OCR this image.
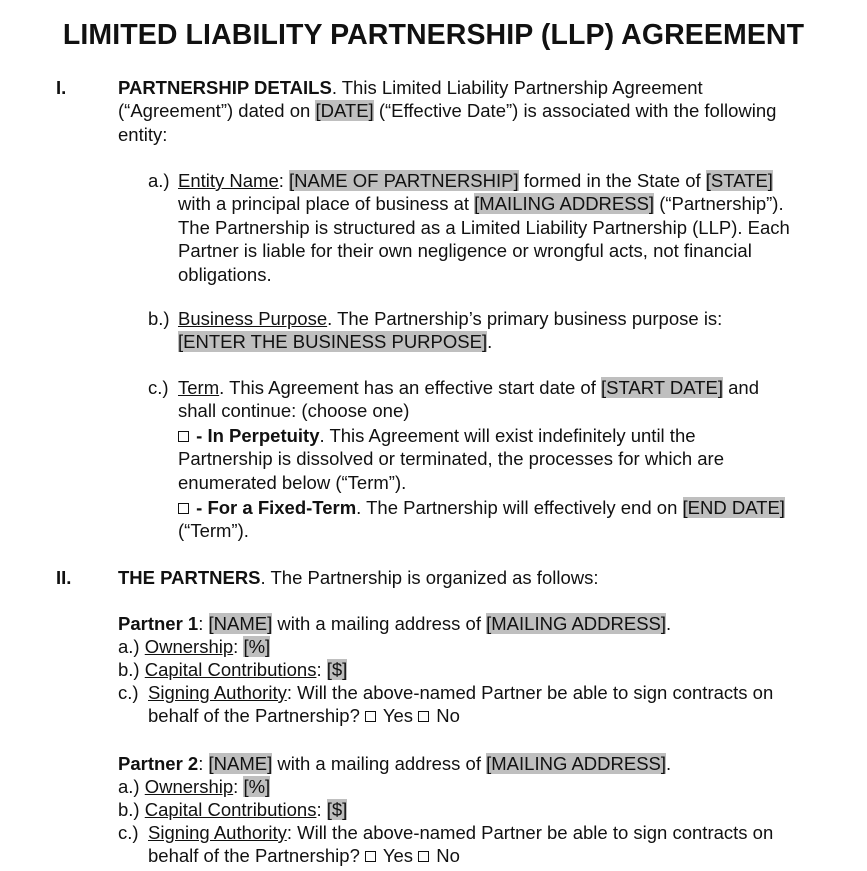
LIMITED LIABILITY PARTNERSHIP (LLP) AGREEMENT
I.	PARTNERSHIP DETAILS. This Limited Liability Partnership Agreement (“Agreement”) dated on [DATE] (“Effective Date”) is associated with the following entity:
a.) Entity Name: [NAME OF PARTNERSHIP] formed in the State of [STATE] with a principal place of business at [MAILING ADDRESS] (“Partnership”). The Partnership is structured as a Limited Liability Partnership (LLP). Each Partner is liable for their own negligence or wrongful acts, not financial obligations.
b.) Business Purpose. The Partnership’s primary business purpose is: [ENTER THE BUSINESS PURPOSE].
c.) Term. This Agreement has an effective start date of [START DATE] and shall continue: (choose one)
- In Perpetuity. This Agreement will exist indefinitely until the Partnership is dissolved or terminated, the processes for which are enumerated below (“Term”).
- For a Fixed-Term. The Partnership will effectively end on [END DATE] (“Term”).
II.	THE PARTNERS. The Partnership is organized as follows:
Partner 1: [NAME] with a mailing address of [MAILING ADDRESS].
a.) Ownership: [%]
b.) Capital Contributions: [$]
c.) Signing Authority: Will the above-named Partner be able to sign contracts on behalf of the Partnership?  Yes  No
Partner 2: [NAME] with a mailing address of [MAILING ADDRESS].
a.) Ownership: [%]
b.) Capital Contributions: [$]
c.) Signing Authority: Will the above-named Partner be able to sign contracts on behalf of the Partnership?  Yes  No
